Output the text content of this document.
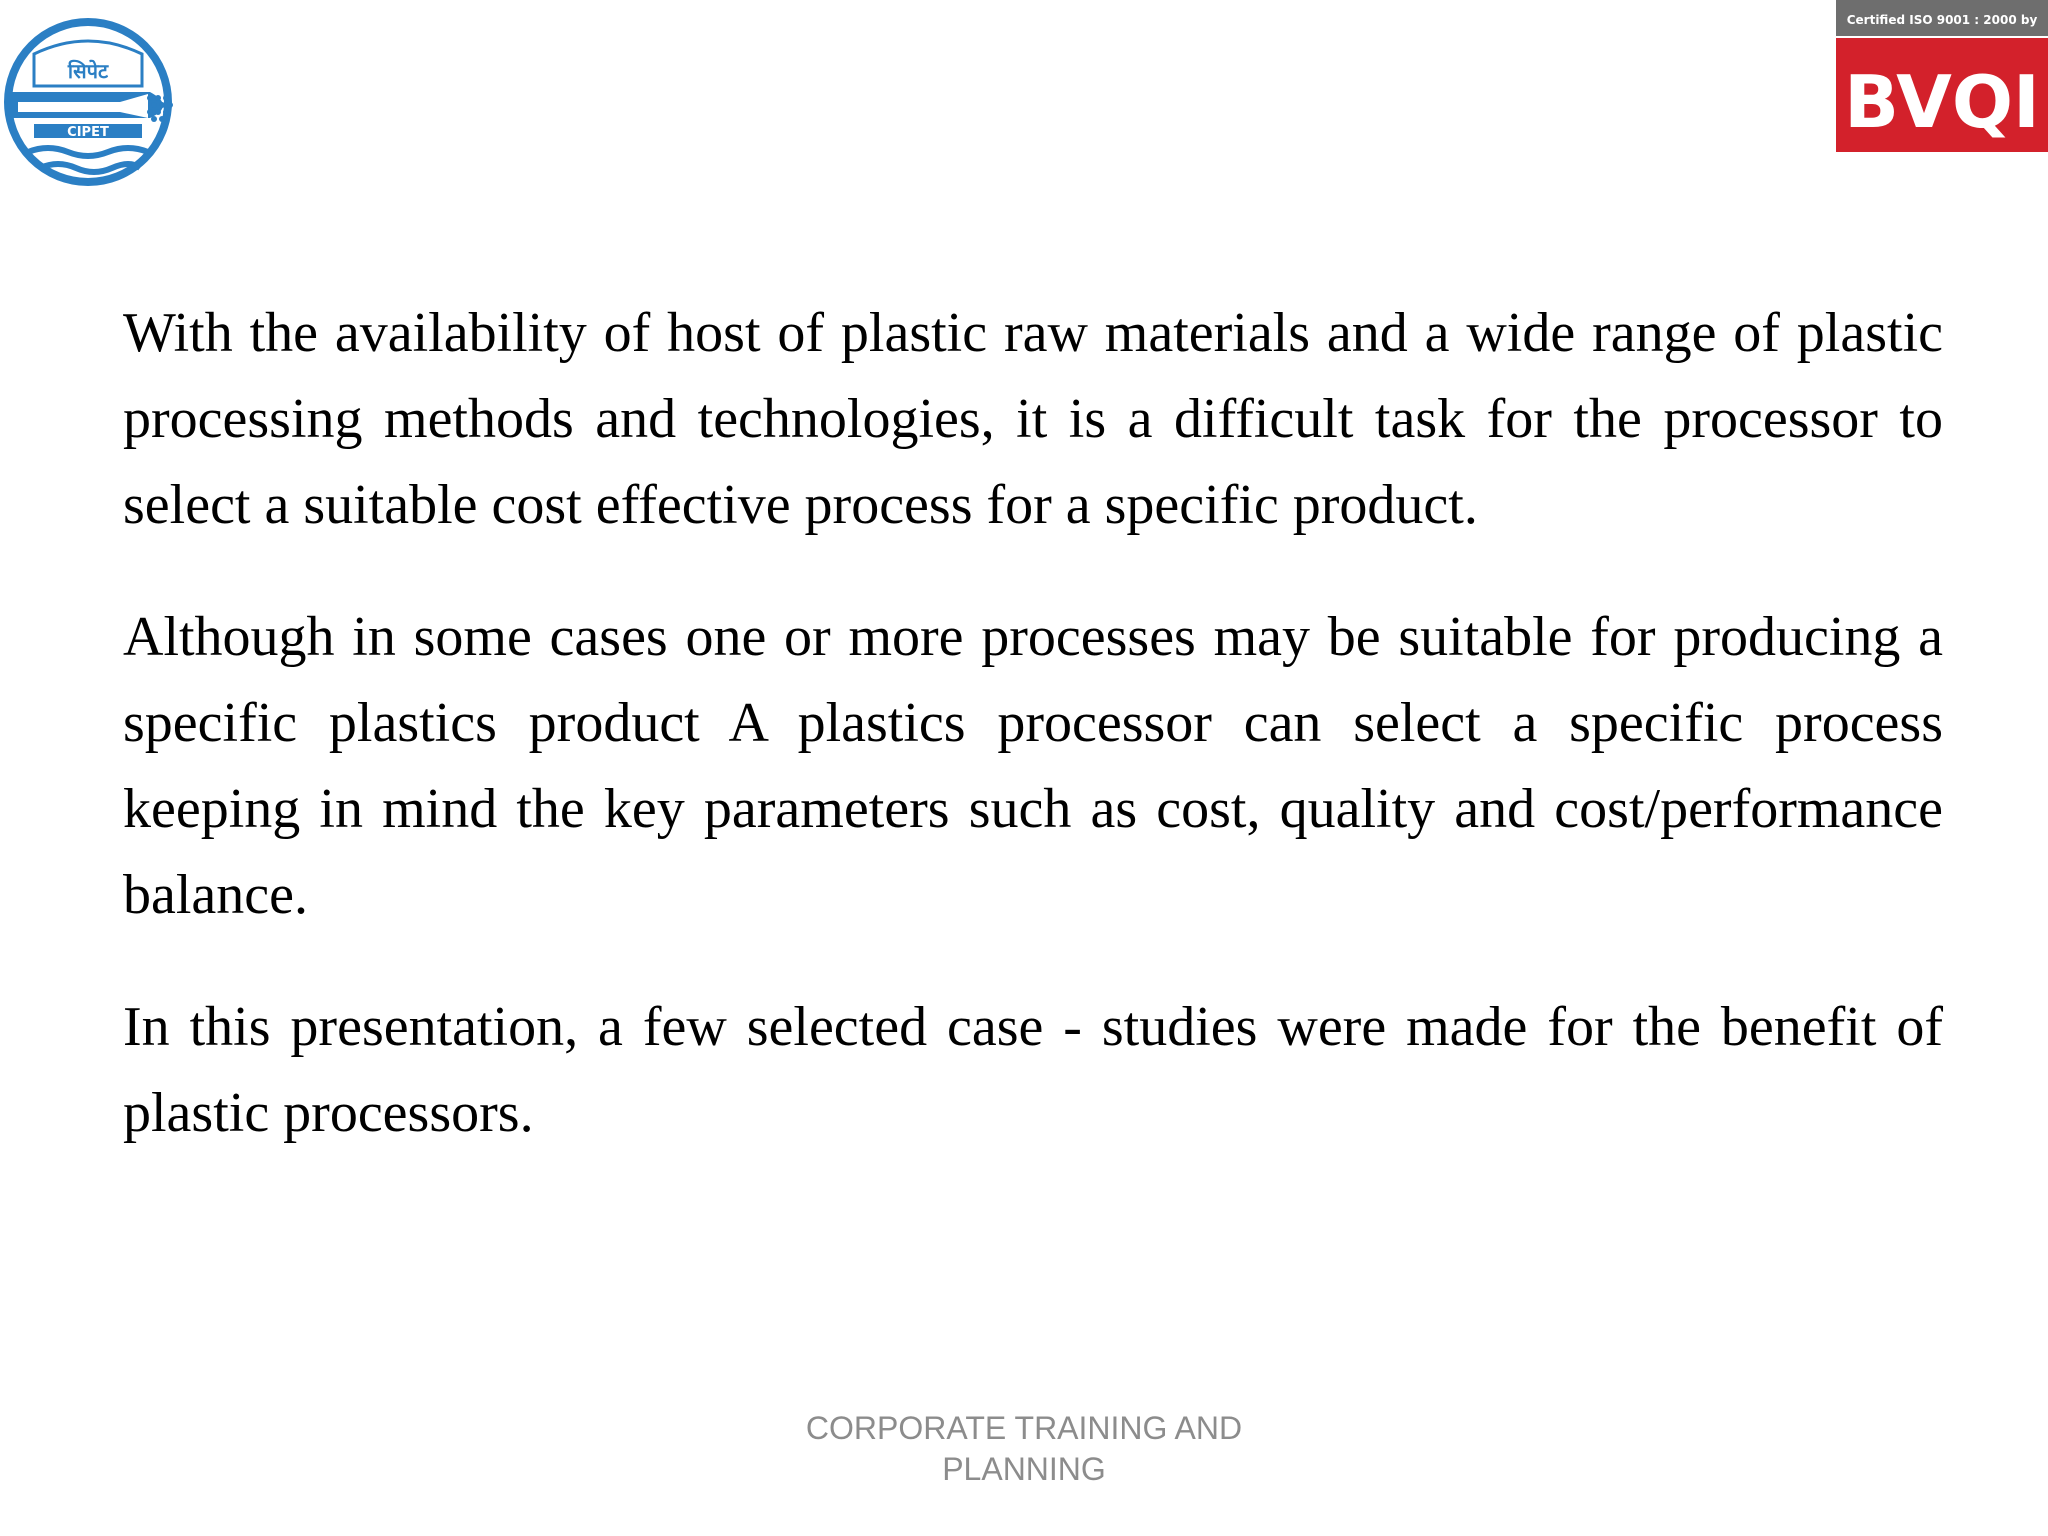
सिपेट
CIPET
Certified ISO 9001 : 2000 by
BVQI

With the availability of host of plastic raw materials and a wide range of plastic processing methods and technologies, it is a difficult task for the processor to select a suitable cost effective process for a specific product.

Although in some cases one or more processes may be suitable for producing a specific plastics product A plastics processor can select a specific process keeping in mind the key parameters such as cost, quality and cost/performance balance.

In this presentation, a few selected case - studies were made for the benefit of plastic processors.

CORPORATE TRAINING AND
PLANNING
